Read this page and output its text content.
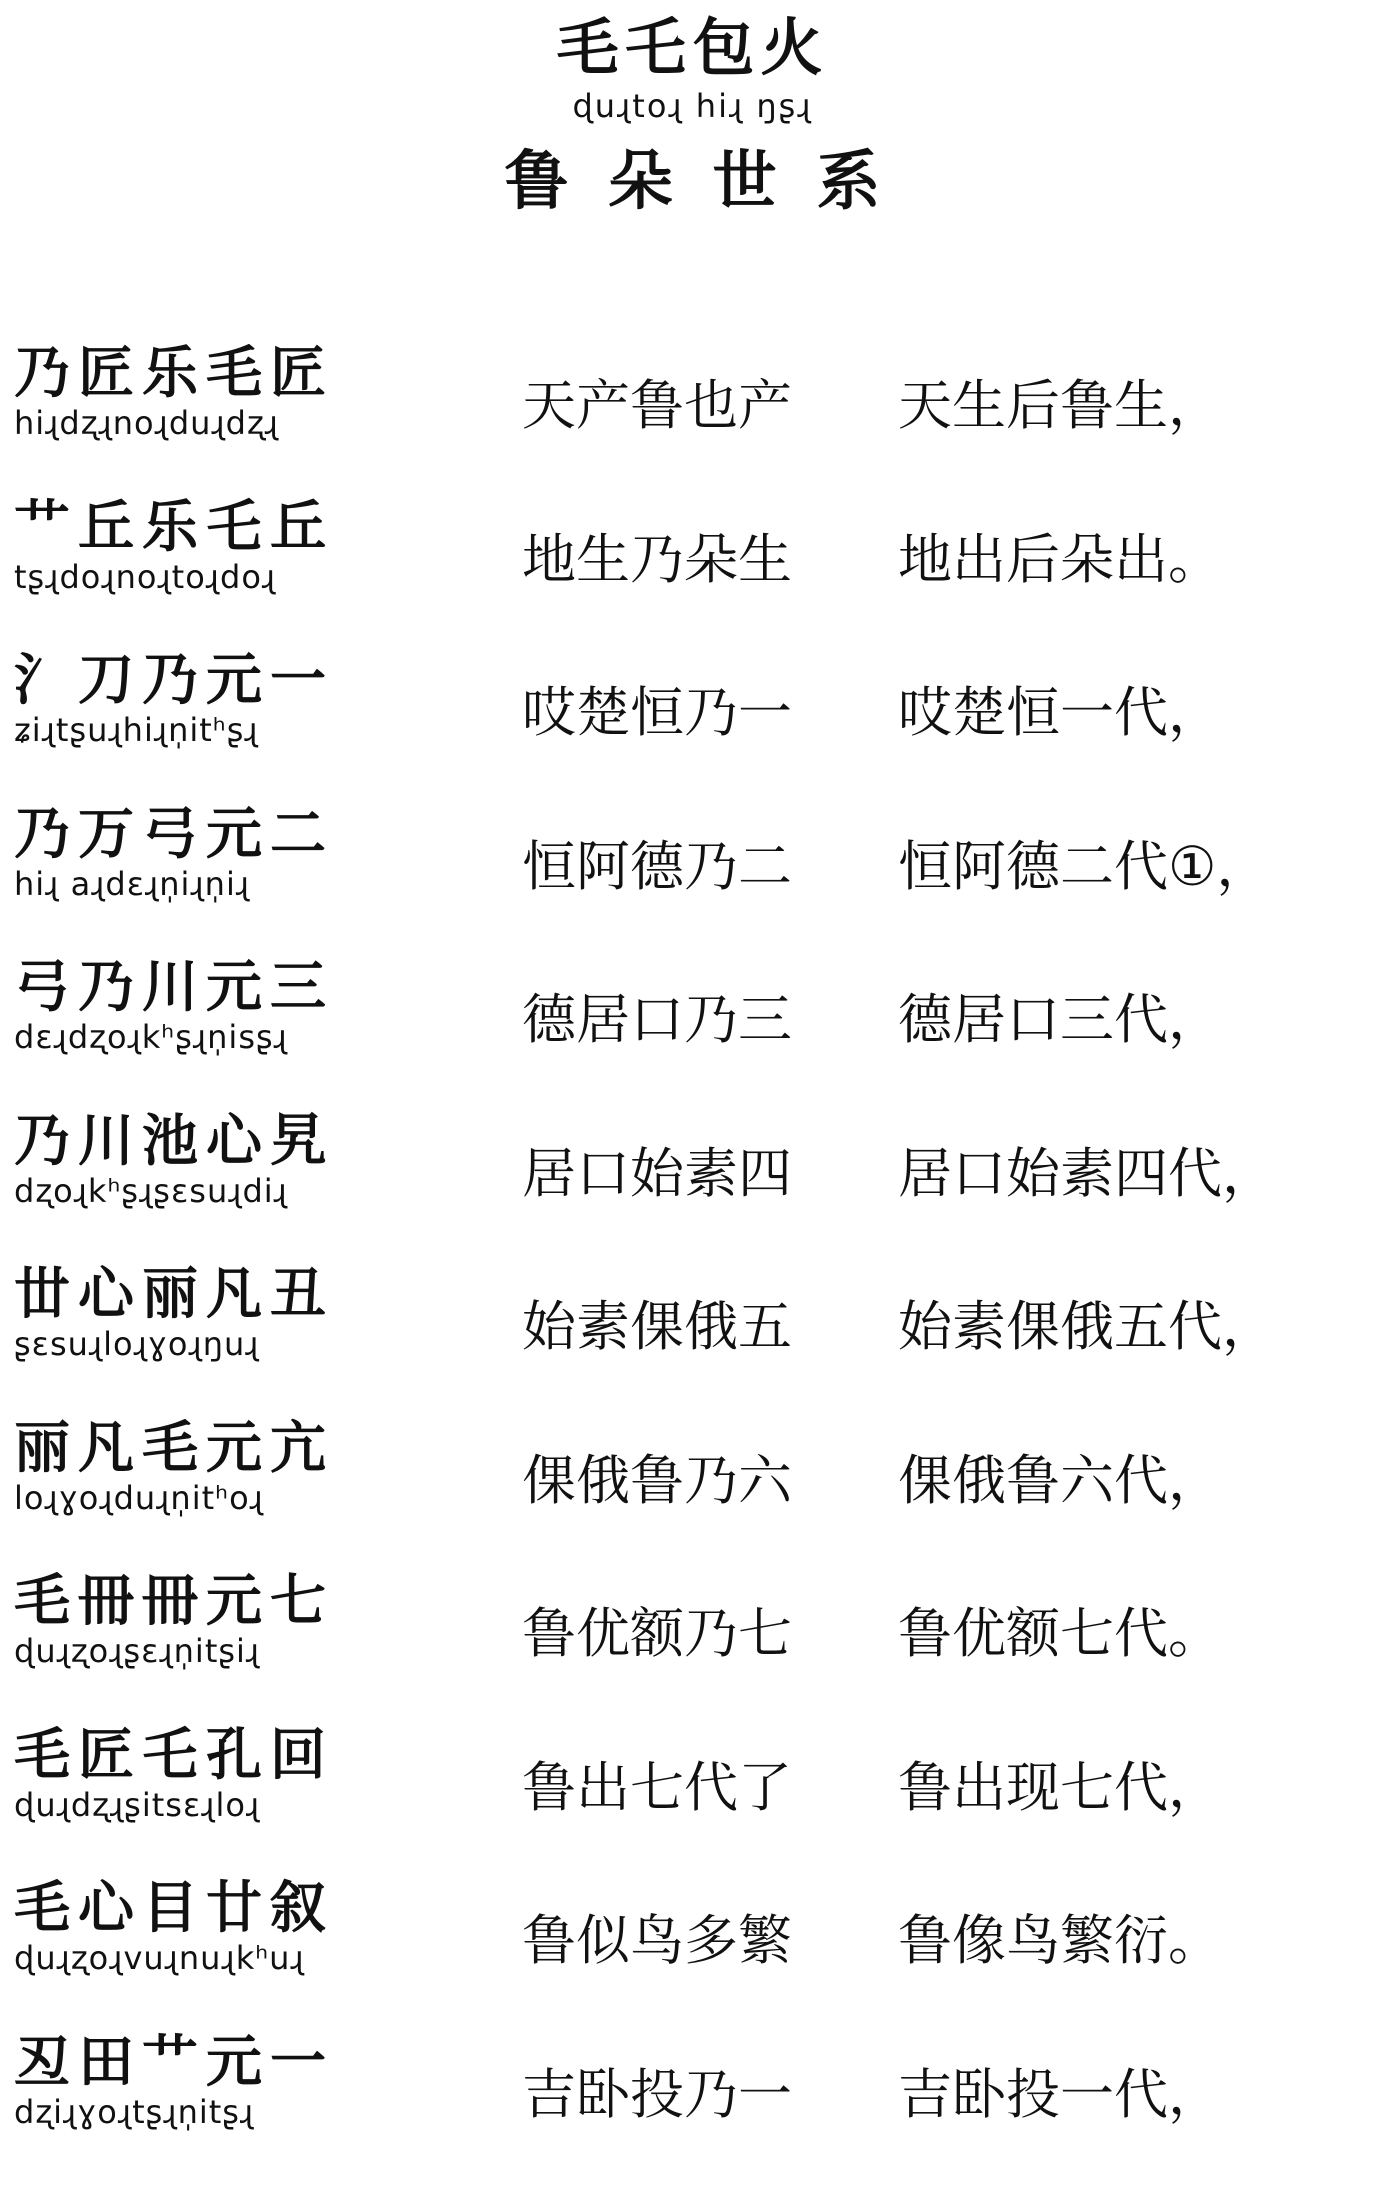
毛乇包火
ɖuɻtoɻ hiɻ ŋʂɻ
鲁朵世系
乃匠乐毛匠
hiɻdʐɻnoɻduɻdʐɻ	天产鲁也产 天生后鲁生，
艹丘乐乇丘
tʂɻdoɻnoɻtoɻdoɻ	地生乃朵生 地出后朵出。
氵刀乃元一
ʑiɻtʂuɻhiɻn̩itʰʂɻ	哎楚恒乃一 哎楚恒一代，
乃万弓元二
hiɻ aɻdɛɻn̩iɻn̩iɻ	恒阿德乃二 恒阿德二代①，
弓乃川元三
dɛɻdʐoɻkʰʂɻn̩isʂɻ	德居口乃三 德居口三代，
乃川池心旯
dʐoɻkʰʂɻʂɛsuɻdiɻ	居口始素四 居口始素四代，
丗心丽凡丑
ʂɛsuɻloɻɣoɻŋuɻ	始素倮俄五 始素倮俄五代，
丽凡毛元亢
loɻɣoɻduɻn̩itʰoɻ	倮俄鲁乃六 倮俄鲁六代，
毛冊冊元七
ɖuɻʐoɻʂɛɻn̩itʂiɻ	鲁优额乃七 鲁优额七代。
毛匠乇孔回
ɖuɻdʐɻʂitsɛɻloɻ	鲁出七代了 鲁出现七代，
毛心目廿叙
ɖuɻʐoɻvuɻnuɻkʰuɻ	鲁似鸟多繁 鲁像鸟繁衍。
丒田艹元一
dʐiɻɣoɻtʂɻn̩itʂɻ	吉卧投乃一 吉卧投一代，
